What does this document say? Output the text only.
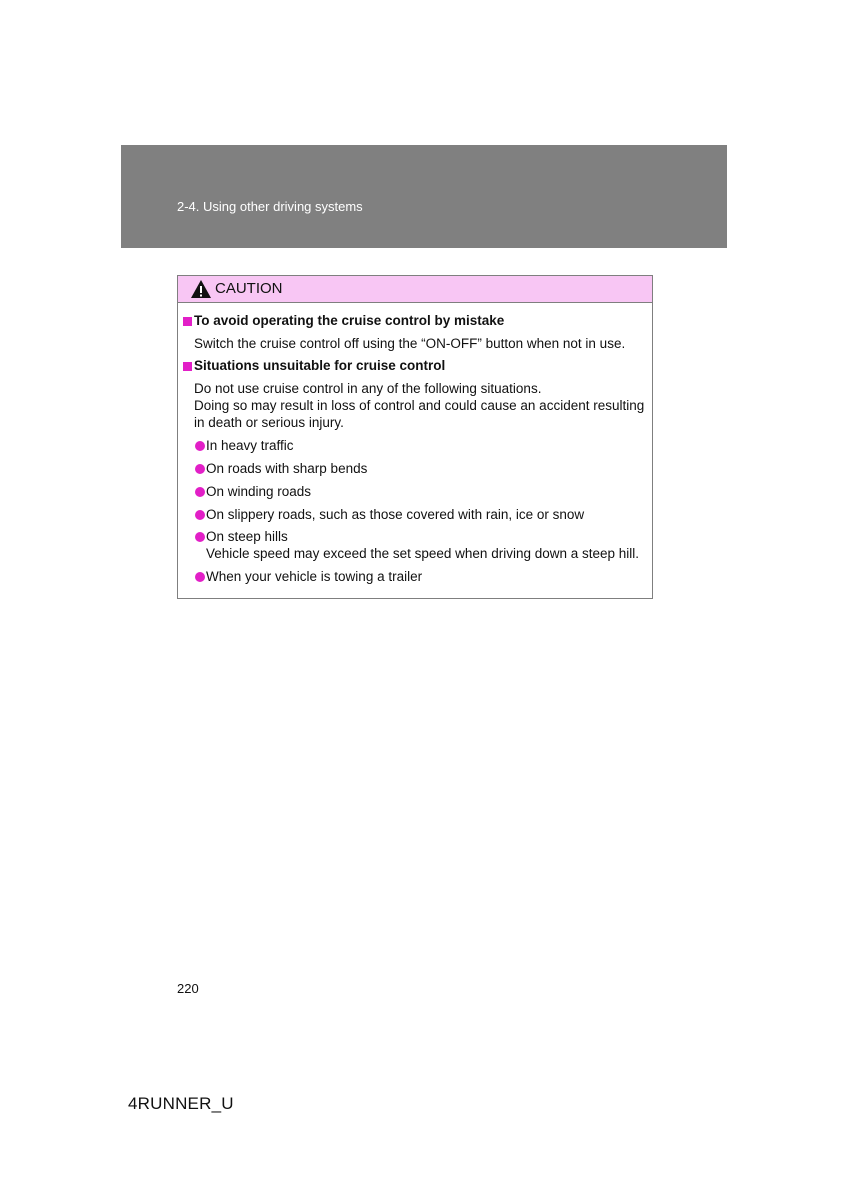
2-4. Using other driving systems
CAUTION
To avoid operating the cruise control by mistake
Switch the cruise control off using the “ON-OFF” button when not in use.
Situations unsuitable for cruise control
Do not use cruise control in any of the following situations.
Doing so may result in loss of control and could cause an accident resulting
in death or serious injury.
In heavy traffic
On roads with sharp bends
On winding roads
On slippery roads, such as those covered with rain, ice or snow
On steep hills
Vehicle speed may exceed the set speed when driving down a steep hill.
When your vehicle is towing a trailer
220
4RUNNER_U
